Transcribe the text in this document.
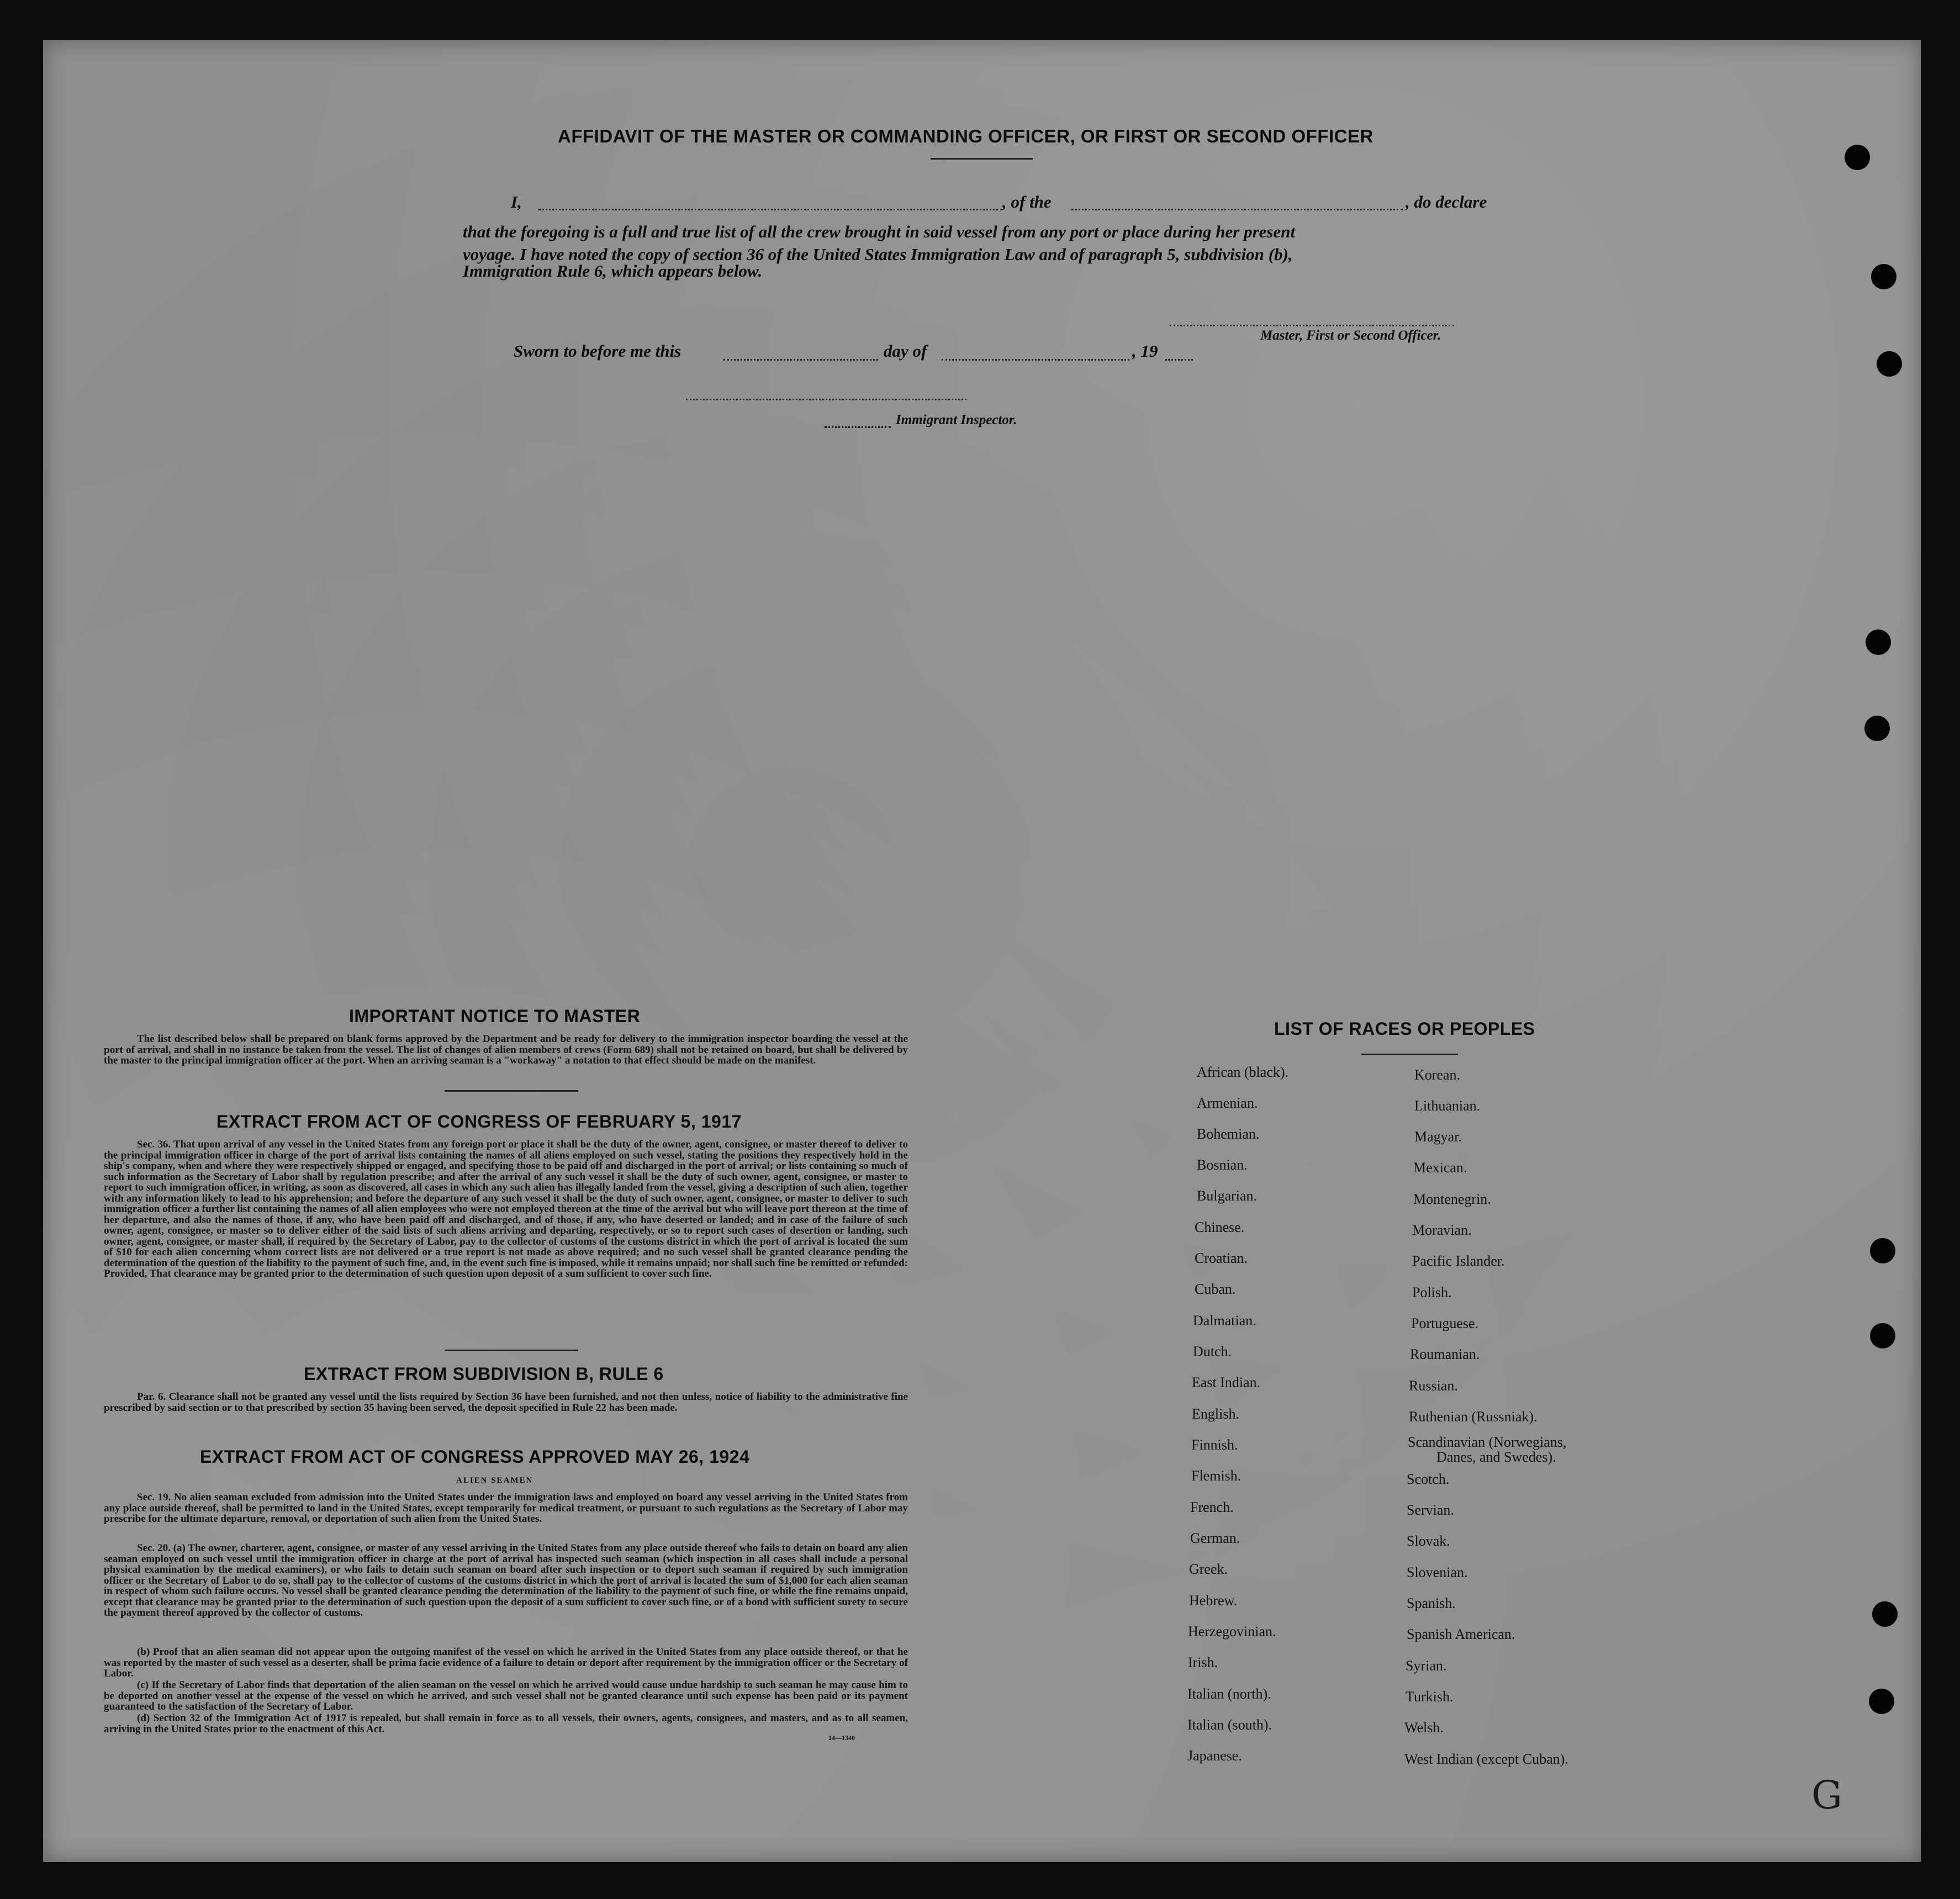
AFFIDAVIT OF THE MASTER OR COMMANDING OFFICER, OR FIRST OR SECOND OFFICER
I,	, of the	, do declare
that the foregoing is a full and true list of all the crew brought in said vessel from any port or place during her present
voyage. I have noted the copy of section 36 of the United States Immigration Law and of paragraph 5, subdivision (b),
Immigration Rule 6, which appears below.
Master, First or Second Officer.
Sworn to before me this	day of	, 19
Immigrant Inspector.
IMPORTANT NOTICE TO MASTER
The list described below shall be prepared on blank forms approved by the Department and be ready for delivery to the immigration inspector boarding the vessel at the port of arrival, and shall in no instance be taken from the vessel. The list of changes of alien members of crews (Form 689) shall not be retained on board, but shall be delivered by the master to the principal immigration officer at the port. When an arriving seaman is a "workaway" a notation to that effect should be made on the manifest.
EXTRACT FROM ACT OF CONGRESS OF FEBRUARY 5, 1917
Sec. 36. That upon arrival of any vessel in the United States from any foreign port or place it shall be the duty of the owner, agent, consignee, or master thereof to deliver to the principal immigration officer in charge of the port of arrival lists containing the names of all aliens employed on such vessel, stating the positions they respectively hold in the ship's company, when and where they were respectively shipped or engaged, and specifying those to be paid off and discharged in the port of arrival; or lists containing so much of such information as the Secretary of Labor shall by regulation prescribe; and after the arrival of any such vessel it shall be the duty of such owner, agent, consignee, or master to report to such immigration officer, in writing, as soon as discovered, all cases in which any such alien has illegally landed from the vessel, giving a description of such alien, together with any information likely to lead to his apprehension; and before the departure of any such vessel it shall be the duty of such owner, agent, consignee, or master to deliver to such immigration officer a further list containing the names of all alien employees who were not employed thereon at the time of the arrival but who will leave port thereon at the time of her departure, and also the names of those, if any, who have been paid off and discharged, and of those, if any, who have deserted or landed; and in case of the failure of such owner, agent, consignee, or master so to deliver either of the said lists of such aliens arriving and departing, respectively, or so to report such cases of desertion or landing, such owner, agent, consignee, or master shall, if required by the Secretary of Labor, pay to the collector of customs of the customs district in which the port of arrival is located the sum of $10 for each alien concerning whom correct lists are not delivered or a true report is not made as above required; and no such vessel shall be granted clearance pending the determination of the question of the liability to the payment of such fine, and, in the event such fine is imposed, while it remains unpaid; nor shall such fine be remitted or refunded: Provided, That clearance may be granted prior to the determination of such question upon deposit of a sum sufficient to cover such fine.
EXTRACT FROM SUBDIVISION B, RULE 6
Par. 6. Clearance shall not be granted any vessel until the lists required by Section 36 have been furnished, and not then unless, notice of liability to the administrative fine prescribed by said section or to that prescribed by section 35 having been served, the deposit specified in Rule 22 has been made.
EXTRACT FROM ACT OF CONGRESS APPROVED MAY 26, 1924
ALIEN SEAMEN
Sec. 19. No alien seaman excluded from admission into the United States under the immigration laws and employed on board any vessel arriving in the United States from any place outside thereof, shall be permitted to land in the United States, except temporarily for medical treatment, or pursuant to such regulations as the Secretary of Labor may prescribe for the ultimate departure, removal, or deportation of such alien from the United States.
Sec. 20. (a) The owner, charterer, agent, consignee, or master of any vessel arriving in the United States from any place outside thereof who fails to detain on board any alien seaman employed on such vessel until the immigration officer in charge at the port of arrival has inspected such seaman (which inspection in all cases shall include a personal physical examination by the medical examiners), or who fails to detain such seaman on board after such inspection or to deport such seaman if required by such immigration officer or the Secretary of Labor to do so, shall pay to the collector of customs of the customs district in which the port of arrival is located the sum of $1,000 for each alien seaman in respect of whom such failure occurs. No vessel shall be granted clearance pending the determination of the liability to the payment of such fine, or while the fine remains unpaid, except that clearance may be granted prior to the determination of such question upon the deposit of a sum sufficient to cover such fine, or of a bond with sufficient surety to secure the payment thereof approved by the collector of customs.
(b) Proof that an alien seaman did not appear upon the outgoing manifest of the vessel on which he arrived in the United States from any place outside thereof, or that he was reported by the master of such vessel as a deserter, shall be prima facie evidence of a failure to detain or deport after requirement by the immigration officer or the Secretary of Labor.
(c) If the Secretary of Labor finds that deportation of the alien seaman on the vessel on which he arrived would cause undue hardship to such seaman he may cause him to be deported on another vessel at the expense of the vessel on which he arrived, and such vessel shall not be granted clearance until such expense has been paid or its payment guaranteed to the satisfaction of the Secretary of Labor.
(d) Section 32 of the Immigration Act of 1917 is repealed, but shall remain in force as to all vessels, their owners, agents, consignees, and masters, and as to all seamen, arriving in the United States prior to the enactment of this Act.
14—1340
LIST OF RACES OR PEOPLES
African (black).
Armenian.
Bohemian.
Bosnian.
Bulgarian.
Chinese.
Croatian.
Cuban.
Dalmatian.
Dutch.
East Indian.
English.
Finnish.
Flemish.
French.
German.
Greek.
Hebrew.
Herzegovinian.
Irish.
Italian (north).
Italian (south).
Japanese.
Korean.
Lithuanian.
Magyar.
Mexican.
Montenegrin.
Moravian.
Pacific Islander.
Polish.
Portuguese.
Roumanian.
Russian.
Ruthenian (Russniak).
Scandinavian (Norwegians,
Danes, and Swedes).
Scotch.
Servian.
Slovak.
Slovenian.
Spanish.
Spanish American.
Syrian.
Turkish.
Welsh.
West Indian (except Cuban).
G
